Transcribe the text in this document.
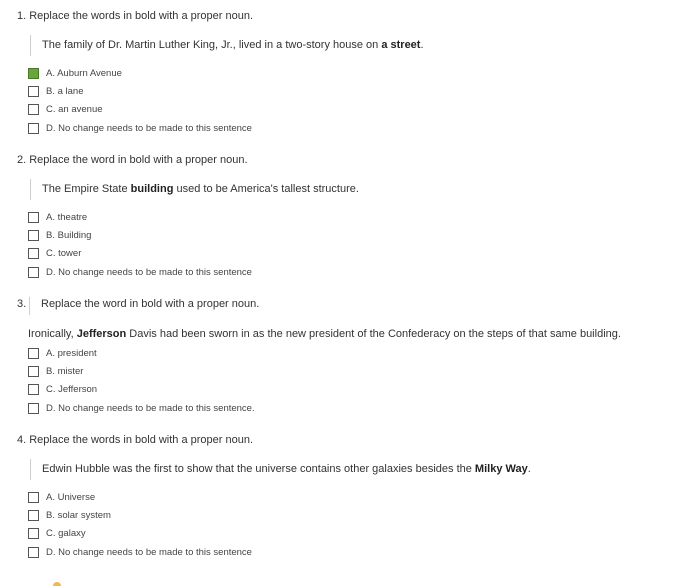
1. Replace the words in bold with a proper noun.
The family of Dr. Martin Luther King, Jr., lived in a two-story house on a street.
A. Auburn Avenue
B. a lane
C. an avenue
D. No change needs to be made to this sentence
2. Replace the word in bold with a proper noun.
The Empire State building used to be America's tallest structure.
A. theatre
B. Building
C. tower
D. No change needs to be made to this sentence
3. Replace the word in bold with a proper noun.
Ironically, Jefferson Davis had been sworn in as the new president of the Confederacy on the steps of that same building.
A. president
B. mister
C. Jefferson
D. No change needs to be made to this sentence.
4. Replace the words in bold with a proper noun.
Edwin Hubble was the first to show that the universe contains other galaxies besides the Milky Way.
A. Universe
B. solar system
C. galaxy
D. No change needs to be made to this sentence
